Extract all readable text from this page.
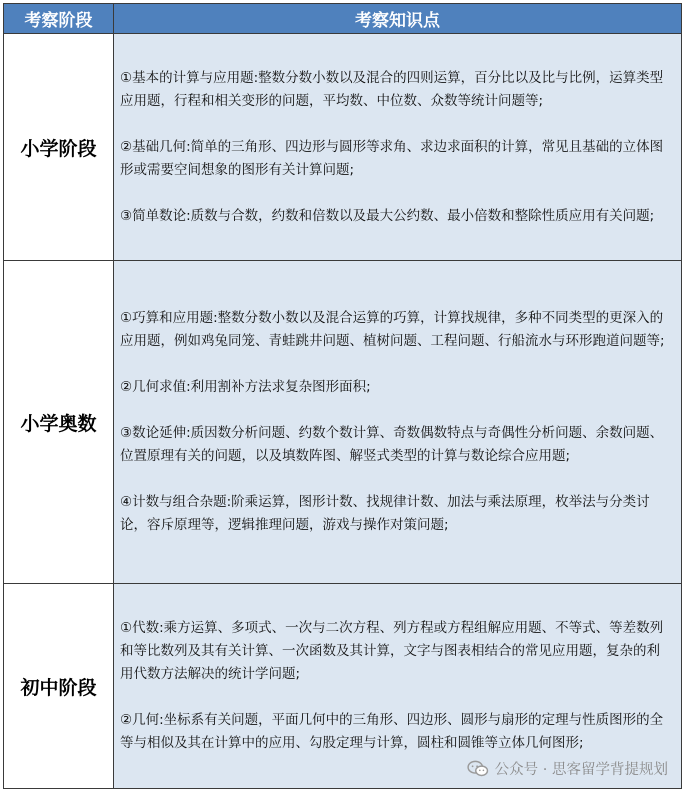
考察阶段	考察知识点
小学阶段	①基本的计算与应用题:整数分数小数以及混合的四则运算，百分比以及比与比例，运算类型应用题，行程和相关变形的问题，平均数、中位数、众数等统计问题等;

②基础几何:简单的三角形、四边形与圆形等求角、求边求面积的计算，常见且基础的立体图形或需要空间想象的图形有关计算问题;

③简单数论:质数与合数，约数和倍数以及最大公约数、最小倍数和整除性质应用有关问题;

小学奥数	①巧算和应用题:整数分数小数以及混合运算的巧算，计算找规律，多种不同类型的更深入的应用题，例如鸡兔同笼、青蛙跳井问题、植树问题、工程问题、行船流水与环形跑道问题等;

②几何求值:利用割补方法求复杂图形面积;

③数论延伸:质因数分析问题、约数个数计算、奇数偶数特点与奇偶性分析问题、余数问题、位置原理有关的问题，以及填数阵图、解竖式类型的计算与数论综合应用题;

④计数与组合杂题:阶乘运算，图形计数、找规律计数、加法与乘法原理，枚举法与分类讨论，容斥原理等，逻辑推理问题，游戏与操作对策问题;

初中阶段	①代数:乘方运算、多项式、一次与二次方程、列方程或方程组解应用题、不等式、等差数列和等比数列及其有关计算、一次函数及其计算，文字与图表相结合的常见应用题，复杂的利用代数方法解决的统计学问题;

②几何:坐标系有关问题，平面几何中的三角形、四边形、圆形与扇形的定理与性质图形的全等与相似及其在计算中的应用、勾股定理与计算，圆柱和圆锥等立体几何图形;

公众号 · 思客留学背提规划
